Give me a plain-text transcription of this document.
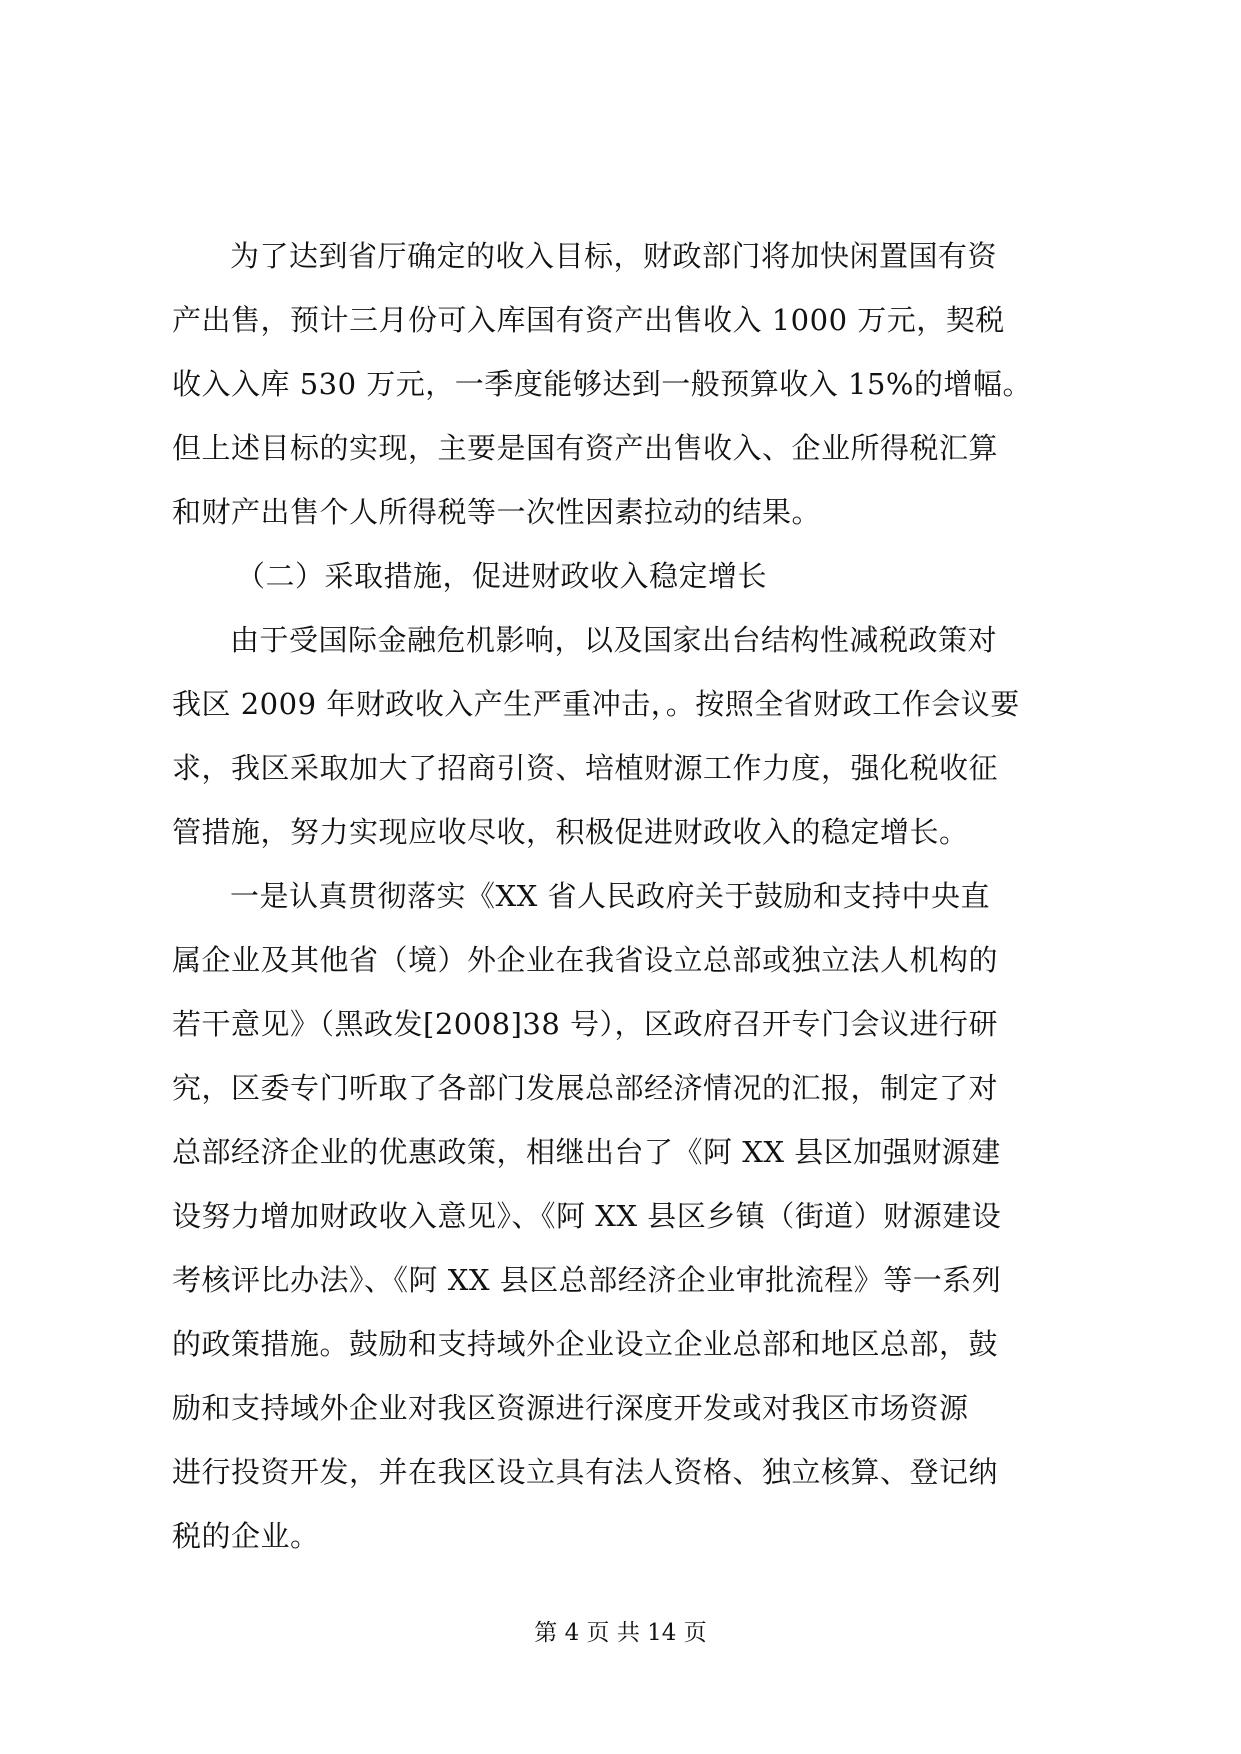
为了达到省厅确定的收入目标，财政部门将加快闲置国有资
产出售，预计三月份可入库国有资产出售收入 1000 万元，契税
收入入库 530 万元，一季度能够达到一般预算收入 15%的增幅。
但上述目标的实现，主要是国有资产出售收入、企业所得税汇算
和财产出售个人所得税等一次性因素拉动的结果。
（二）采取措施，促进财政收入稳定增长
由于受国际金融危机影响，以及国家出台结构性减税政策对
我区 2009 年财政收入产生严重冲击，。按照全省财政工作会议要
求，我区采取加大了招商引资、培植财源工作力度，强化税收征
管措施，努力实现应收尽收，积极促进财政收入的稳定增长。
一是认真贯彻落实《XX 省人民政府关于鼓励和支持中央直
属企业及其他省（境）外企业在我省设立总部或独立法人机构的
若干意见》（黑政发[2008]38 号），区政府召开专门会议进行研
究，区委专门听取了各部门发展总部经济情况的汇报，制定了对
总部经济企业的优惠政策，相继出台了《阿 XX 县区加强财源建
设努力增加财政收入意见》、《阿 XX 县区乡镇（街道）财源建设
考核评比办法》、《阿 XX 县区总部经济企业审批流程》等一系列
的政策措施。鼓励和支持域外企业设立企业总部和地区总部，鼓
励和支持域外企业对我区资源进行深度开发或对我区市场资源
进行投资开发，并在我区设立具有法人资格、独立核算、登记纳
税的企业。
第 4 页 共 14 页
